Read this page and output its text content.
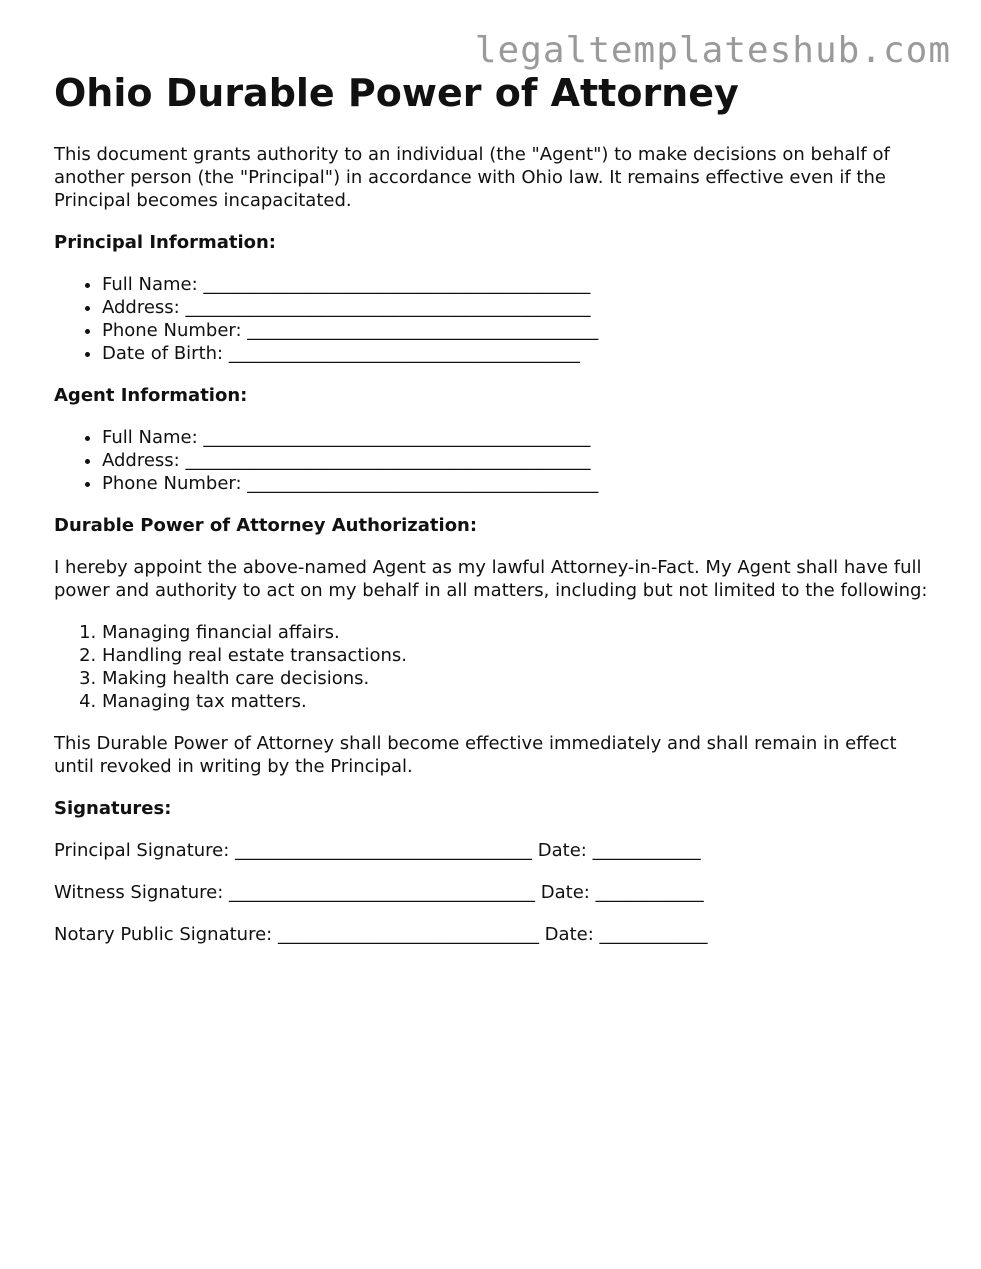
legaltemplateshub.com
Ohio Durable Power of Attorney

This document grants authority to an individual (the "Agent") to make decisions on behalf of another person (the "Principal") in accordance with Ohio law. It remains effective even if the Principal becomes incapacitated.

Principal Information:
• Full Name: ___________________________________________
• Address: _____________________________________________
• Phone Number: _______________________________________
• Date of Birth: _______________________________________
Agent Information:
• Full Name: ___________________________________________
• Address: _____________________________________________
• Phone Number: _______________________________________
Durable Power of Attorney Authorization:

I hereby appoint the above-named Agent as my lawful Attorney-in-Fact. My Agent shall have full power and authority to act on my behalf in all matters, including but not limited to the following:

1. Managing financial affairs.
2. Handling real estate transactions.
3. Making health care decisions.
4. Managing tax matters.

This Durable Power of Attorney shall become effective immediately and shall remain in effect until revoked in writing by the Principal.

Signatures:

Principal Signature: _________________________________ Date: ____________

Witness Signature: __________________________________ Date: ____________

Notary Public Signature: _____________________________ Date: ____________
